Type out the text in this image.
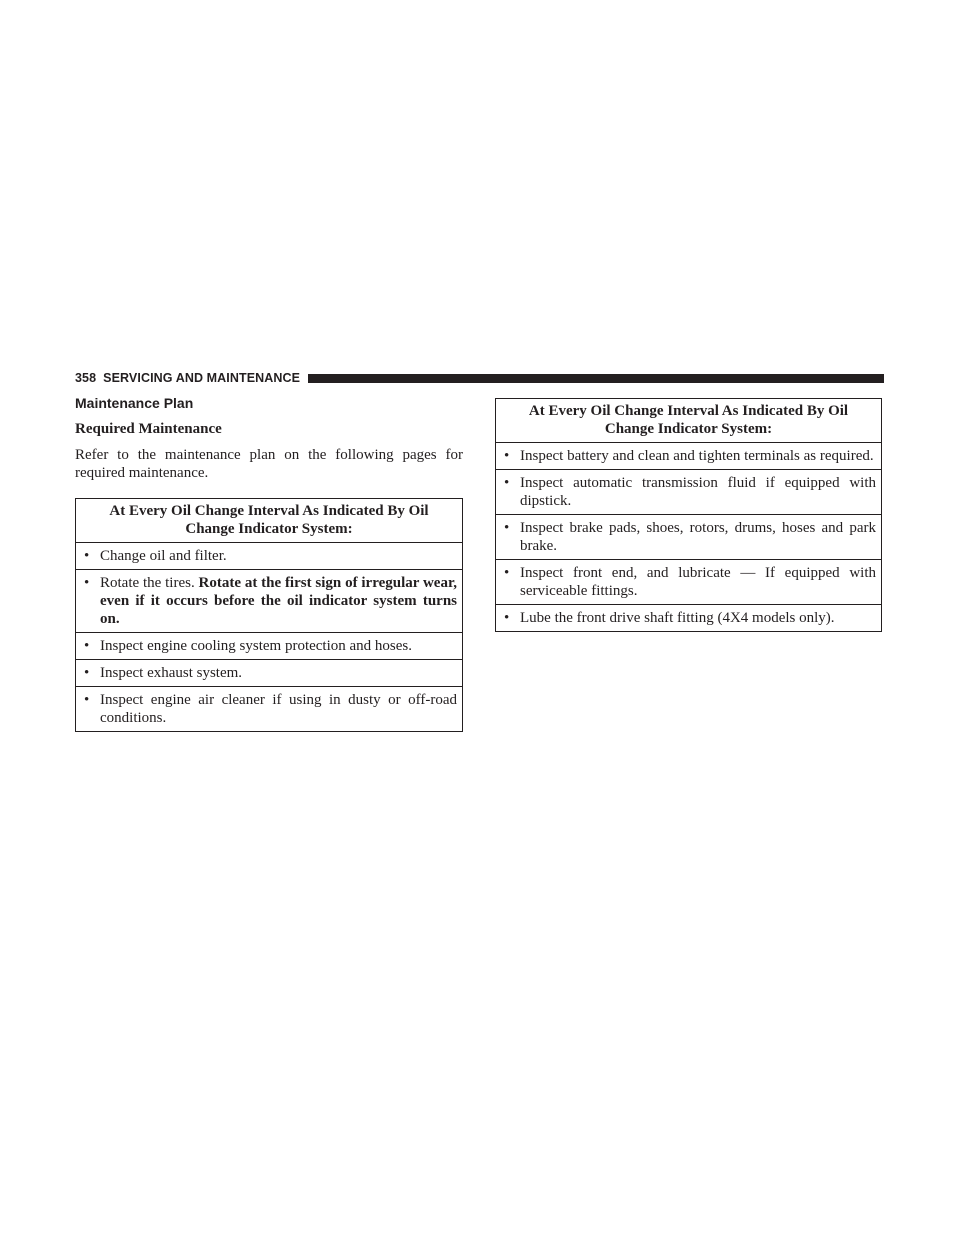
358 SERVICING AND MAINTENANCE
Maintenance Plan
Required Maintenance

Refer to the maintenance plan on the following pages for required maintenance.

At Every Oil Change Interval As Indicated By Oil Change Indicator System:
• Change oil and filter.
• Rotate the tires. Rotate at the first sign of irregular wear, even if it occurs before the oil indicator system turns on.
• Inspect engine cooling system protection and hoses.
• Inspect exhaust system.
• Inspect engine air cleaner if using in dusty or off-road conditions.
At Every Oil Change Interval As Indicated By Oil Change Indicator System:
• Inspect battery and clean and tighten terminals as required.
• Inspect automatic transmission fluid if equipped with dipstick.
• Inspect brake pads, shoes, rotors, drums, hoses and park brake.
• Inspect front end, and lubricate — If equipped with serviceable fittings.
• Lube the front drive shaft fitting (4X4 models only).
